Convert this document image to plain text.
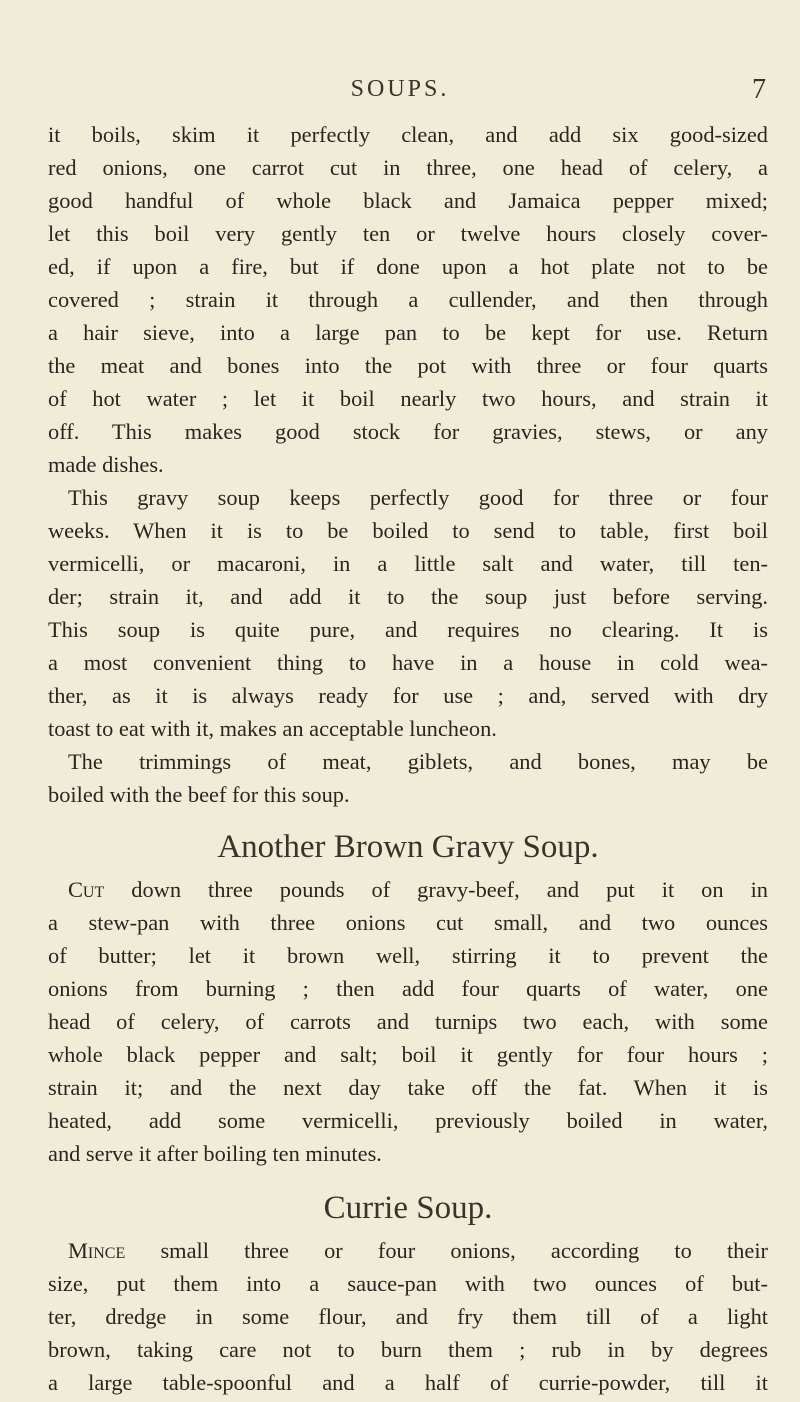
SOUPS.	7
it boils, skim it perfectly clean, and add six good-sized
red onions, one carrot cut in three, one head of celery, a
good handful of whole black and Jamaica pepper mixed;
let this boil very gently ten or twelve hours closely cover-
ed, if upon a fire, but if done upon a hot plate not to be
covered ; strain it through a cullender, and then through
a hair sieve, into a large pan to be kept for use. Return
the meat and bones into the pot with three or four quarts
of hot water ; let it boil nearly two hours, and strain it
off. This makes good stock for gravies, stews, or any
made dishes.
This gravy soup keeps perfectly good for three or four
weeks. When it is to be boiled to send to table, first boil
vermicelli, or macaroni, in a little salt and water, till ten-
der; strain it, and add it to the soup just before serving.
This soup is quite pure, and requires no clearing. It is
a most convenient thing to have in a house in cold wea-
ther, as it is always ready for use ; and, served with dry
toast to eat with it, makes an acceptable luncheon.
The trimmings of meat, giblets, and bones, may be
boiled with the beef for this soup.
Another Brown Gravy Soup.
Cut down three pounds of gravy-beef, and put it on in
a stew-pan with three onions cut small, and two ounces
of butter; let it brown well, stirring it to prevent the
onions from burning ; then add four quarts of water, one
head of celery, of carrots and turnips two each, with some
whole black pepper and salt; boil it gently for four hours ;
strain it; and the next day take off the fat. When it is
heated, add some vermicelli, previously boiled in water,
and serve it after boiling ten minutes.
Currie Soup.
Mince small three or four onions, according to their
size, put them into a sauce-pan with two ounces of but-
ter, dredge in some flour, and fry them till of a light
brown, taking care not to burn them ; rub in by degrees
a large table-spoonful and a half of currie-powder, till it
